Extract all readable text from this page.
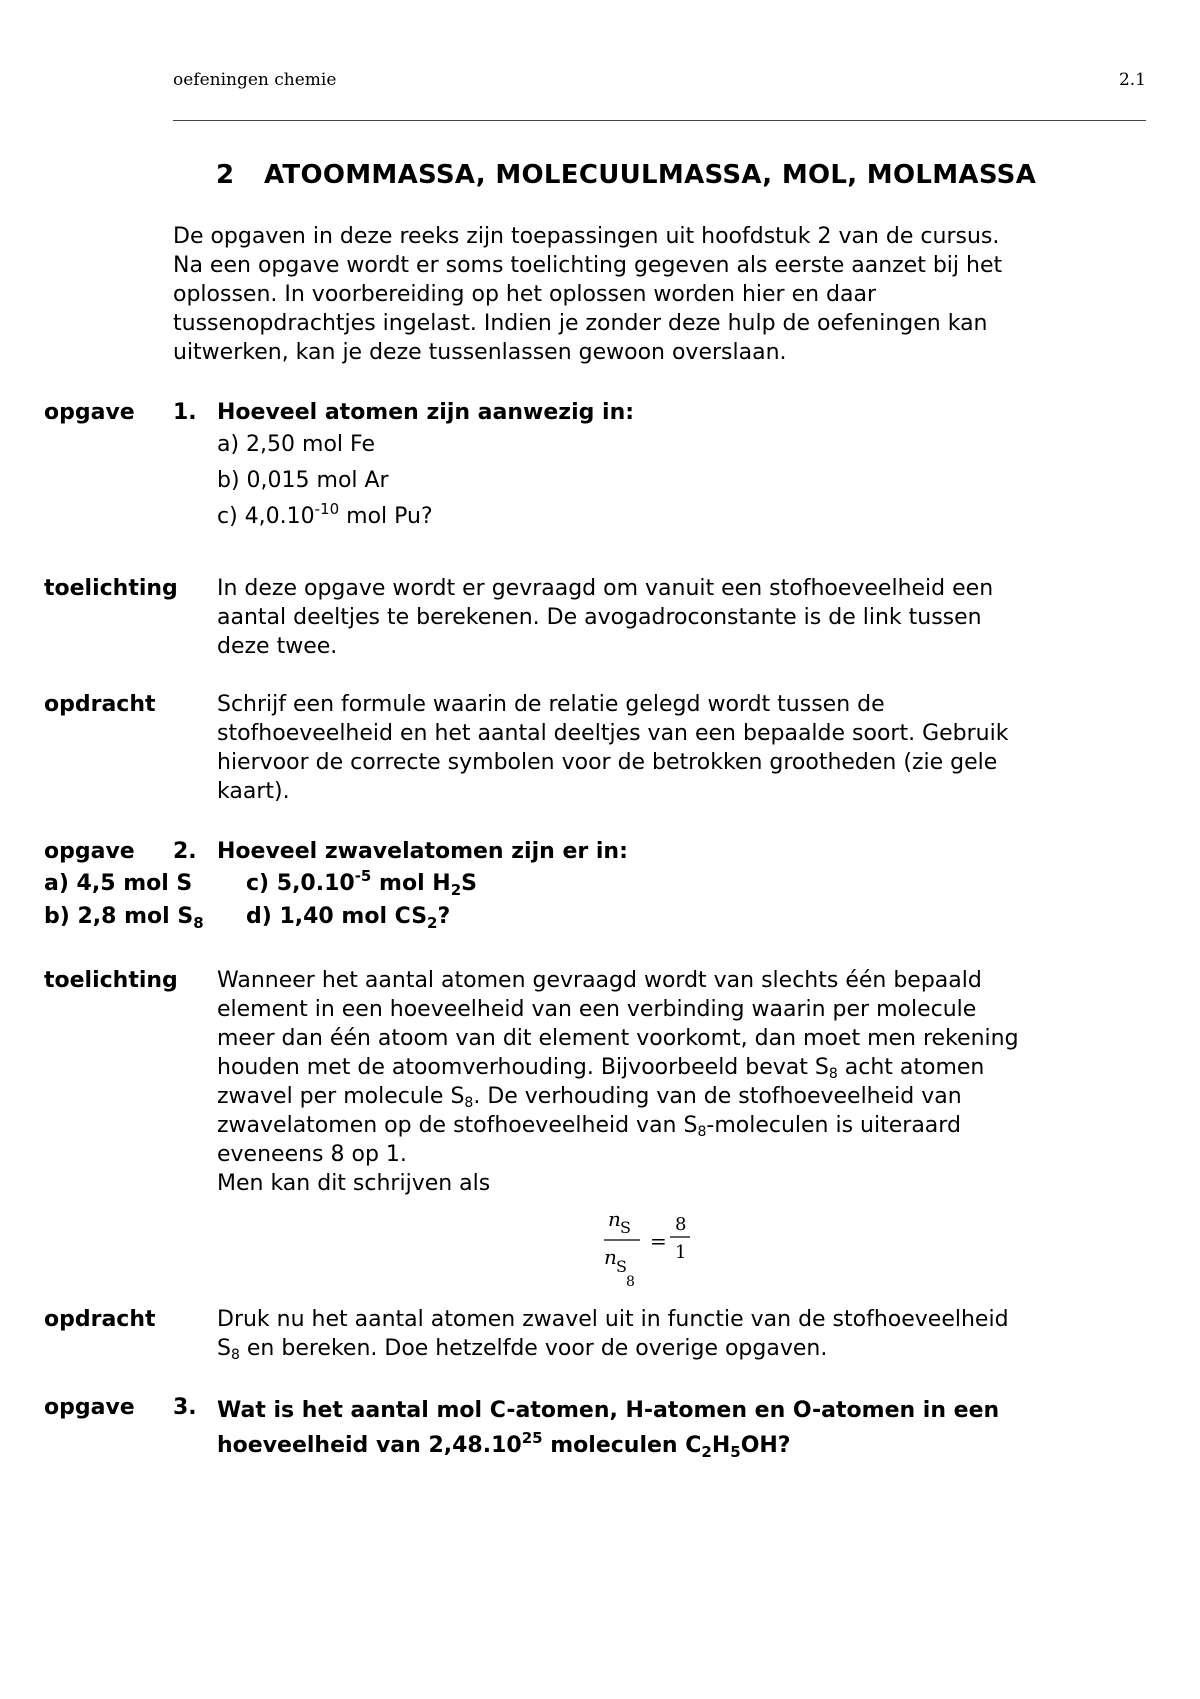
oefeningen chemie	2.1
2 ATOOMMASSA, MOLECUULMASSA, MOL, MOLMASSA
De opgaven in deze reeks zijn toepassingen uit hoofdstuk 2 van de cursus.
Na een opgave wordt er soms toelichting gegeven als eerste aanzet bij het
oplossen. In voorbereiding op het oplossen worden hier en daar
tussenopdrachtjes ingelast. Indien je zonder deze hulp de oefeningen kan
uitwerken, kan je deze tussenlassen gewoon overslaan.
opgave 1. Hoeveel atomen zijn aanwezig in:
a) 2,50 mol Fe
b) 0,015 mol Ar
c) $4,0.10^{-10}$ mol Pu?
toelichting In deze opgave wordt er gevraagd om vanuit een stofhoeveelheid een
aantal deeltjes te berekenen. De avogadroconstante is de link tussen
deze twee.
opdracht	Schrijf een formule waarin de relatie gelegd wordt tussen de
stofhoeveelheid en het aantal deeltjes van een bepaalde soort. Gebruik
hiervoor de correcte symbolen voor de betrokken grootheden (zie gele
kaart).
opgave 2. Hoeveel zwavelatomen zijn er in:
a) 4,5 mol S c) $5,0.10^{-5}$ mol $H_2S$
b) 2,8 mol $S_8$ d) 1,40 mol $CS_2$?
toelichting Wanneer het aantal atomen gevraagd wordt van slechts één bepaald
element in een hoeveelheid van een verbinding waarin per molecule
meer dan één atoom van dit element voorkomt, dan moet men rekening
houden met de atoomverhouding. Bijvoorbeeld bevat $S_8$ acht atomen
zwavel per molecule $S_8$. De verhouding van de stofhoeveelheid van
zwavelatomen op de stofhoeveelheid van $S_8$-moleculen is uiteraard
eveneens 8 op 1.
Men kan dit schrijven als
n S
n S
8
=
8
1
opdracht	Druk nu het aantal atomen zwavel uit in functie van de stofhoeveelheid
$S_8$ en bereken. Doe hetzelfde voor de overige opgaven.
opgave 3. Wat is het aantal mol C-atomen, H-atomen en O-atomen in een
hoeveelheid van 2,48.10$^{25}$ moleculen $C_2H_5OH$?
